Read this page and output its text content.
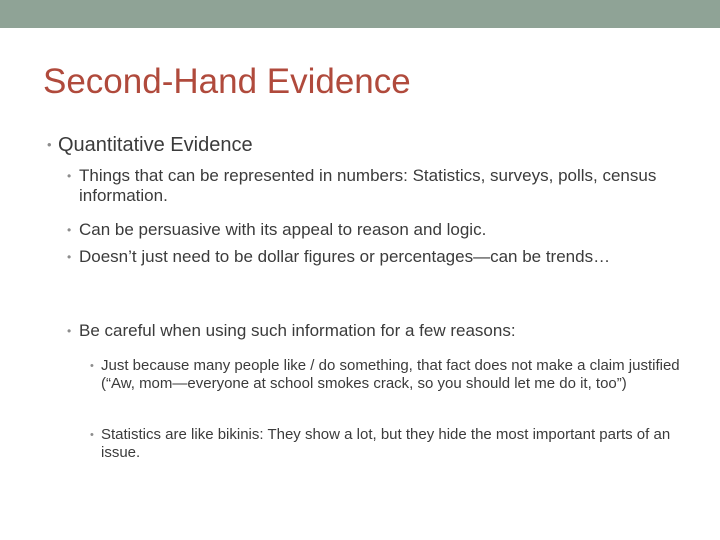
Second-Hand Evidence
• Quantitative Evidence
• Things that can be represented in numbers: Statistics, surveys, polls, census information.
• Can be persuasive with its appeal to reason and logic.
• Doesn’t just need to be dollar figures or percentages—can be trends…
• Be careful when using such information for a few reasons:
• Just because many people like / do something, that fact does not make a claim justified (“Aw, mom—everyone at school smokes crack, so you should let me do it, too”)
• Statistics are like bikinis: They show a lot, but they hide the most important parts of an issue.
